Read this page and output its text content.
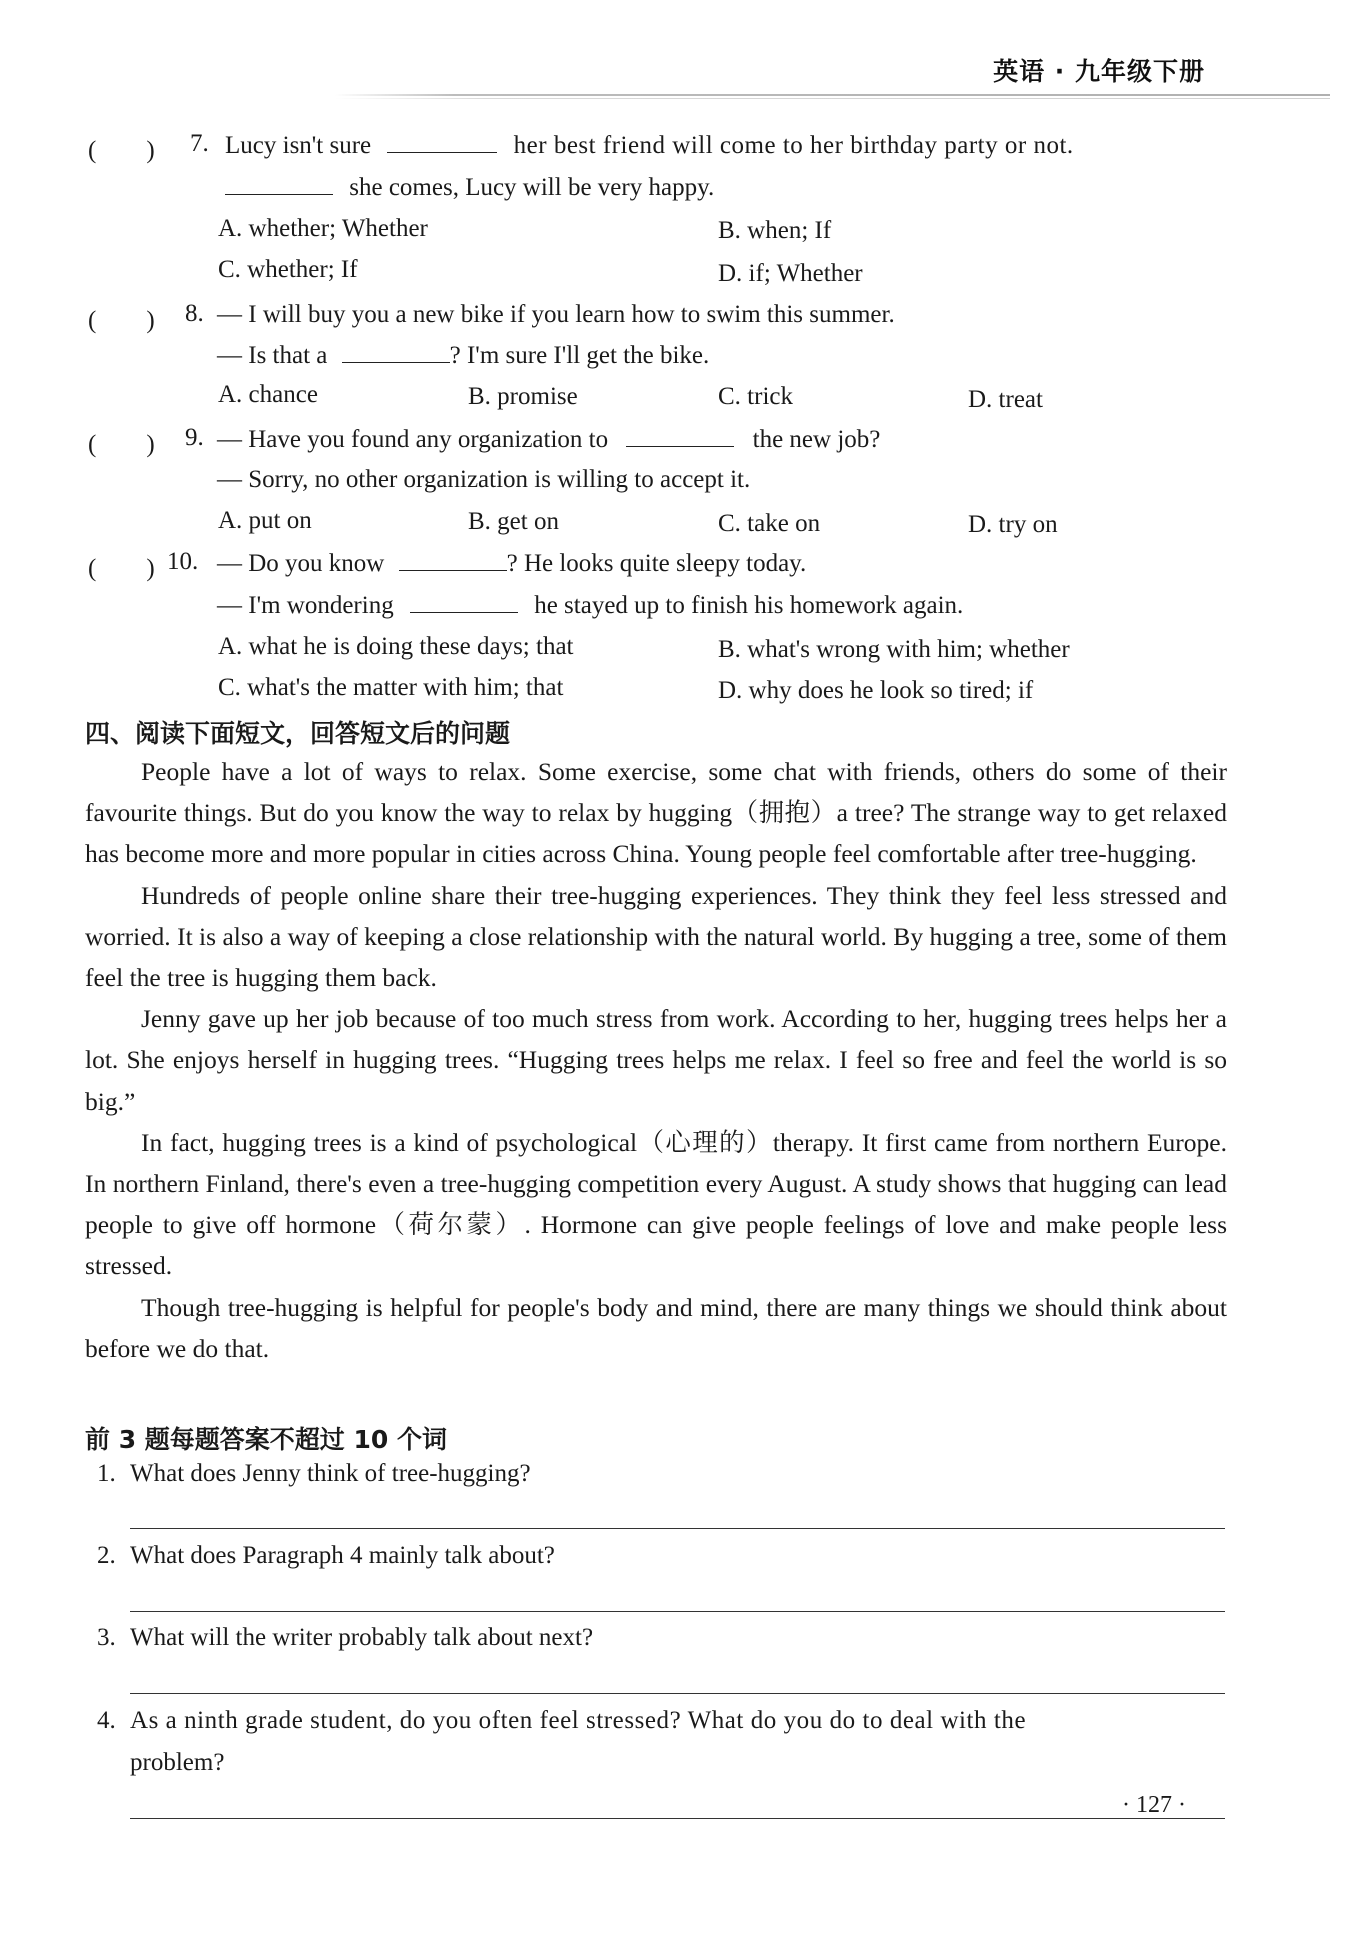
英语 · 九年级下册
(　　) 7. Lucy isn't sure	her best friend will come to her birthday party or not.
she comes, Lucy will be very happy.
A. whether; Whether	B. when; If
C. whether; If	D. if; Whether
(　　) 8. — I will buy you a new bike if you learn how to swim this summer.
— Is that a	? I'm sure I'll get the bike.
A. chance	B. promise	C. trick	D. treat
(　　) 9. — Have you found any organization to	the new job?
— Sorry, no other organization is willing to accept it.
A. put on	B. get on	C. take on	D. try on
(　　) 10. — Do you know	? He looks quite sleepy today.
— I'm wondering	he stayed up to finish his homework again.
A. what he is doing these days; that	B. what's wrong with him; whether
C. what's the matter with him; that	D. why does he look so tired; if
四、阅读下面短文，回答短文后的问题

People have a lot of ways to relax. Some exercise, some chat with friends, others do some of their favourite things. But do you know the way to relax by hugging（拥抱）a tree? The strange way to get relaxed has become more and more popular in cities across China. Young people feel comfortable after tree-hugging.

Hundreds of people online share their tree-hugging experiences. They think they feel less stressed and worried. It is also a way of keeping a close relationship with the natural world. By hugging a tree, some of them feel the tree is hugging them back.

Jenny gave up her job because of too much stress from work. According to her, hugging trees helps her a lot. She enjoys herself in hugging trees. “Hugging trees helps me relax. I feel so free and feel the world is so big.”

In fact, hugging trees is a kind of psychological（心理的）therapy. It first came from northern Europe. In northern Finland, there's even a tree-hugging competition every August. A study shows that hugging can lead people to give off hormone（荷尔蒙）. Hormone can give people feelings of love and make people less stressed.

Though tree-hugging is helpful for people's body and mind, there are many things we should think about before we do that.

前 3 题每题答案不超过 10 个词
1. What does Jenny think of tree-hugging?
2. What does Paragraph 4 mainly talk about?
3. What will the writer probably talk about next?
4. As a ninth grade student, do you often feel stressed? What do you do to deal with the
problem?
· 127 ·
